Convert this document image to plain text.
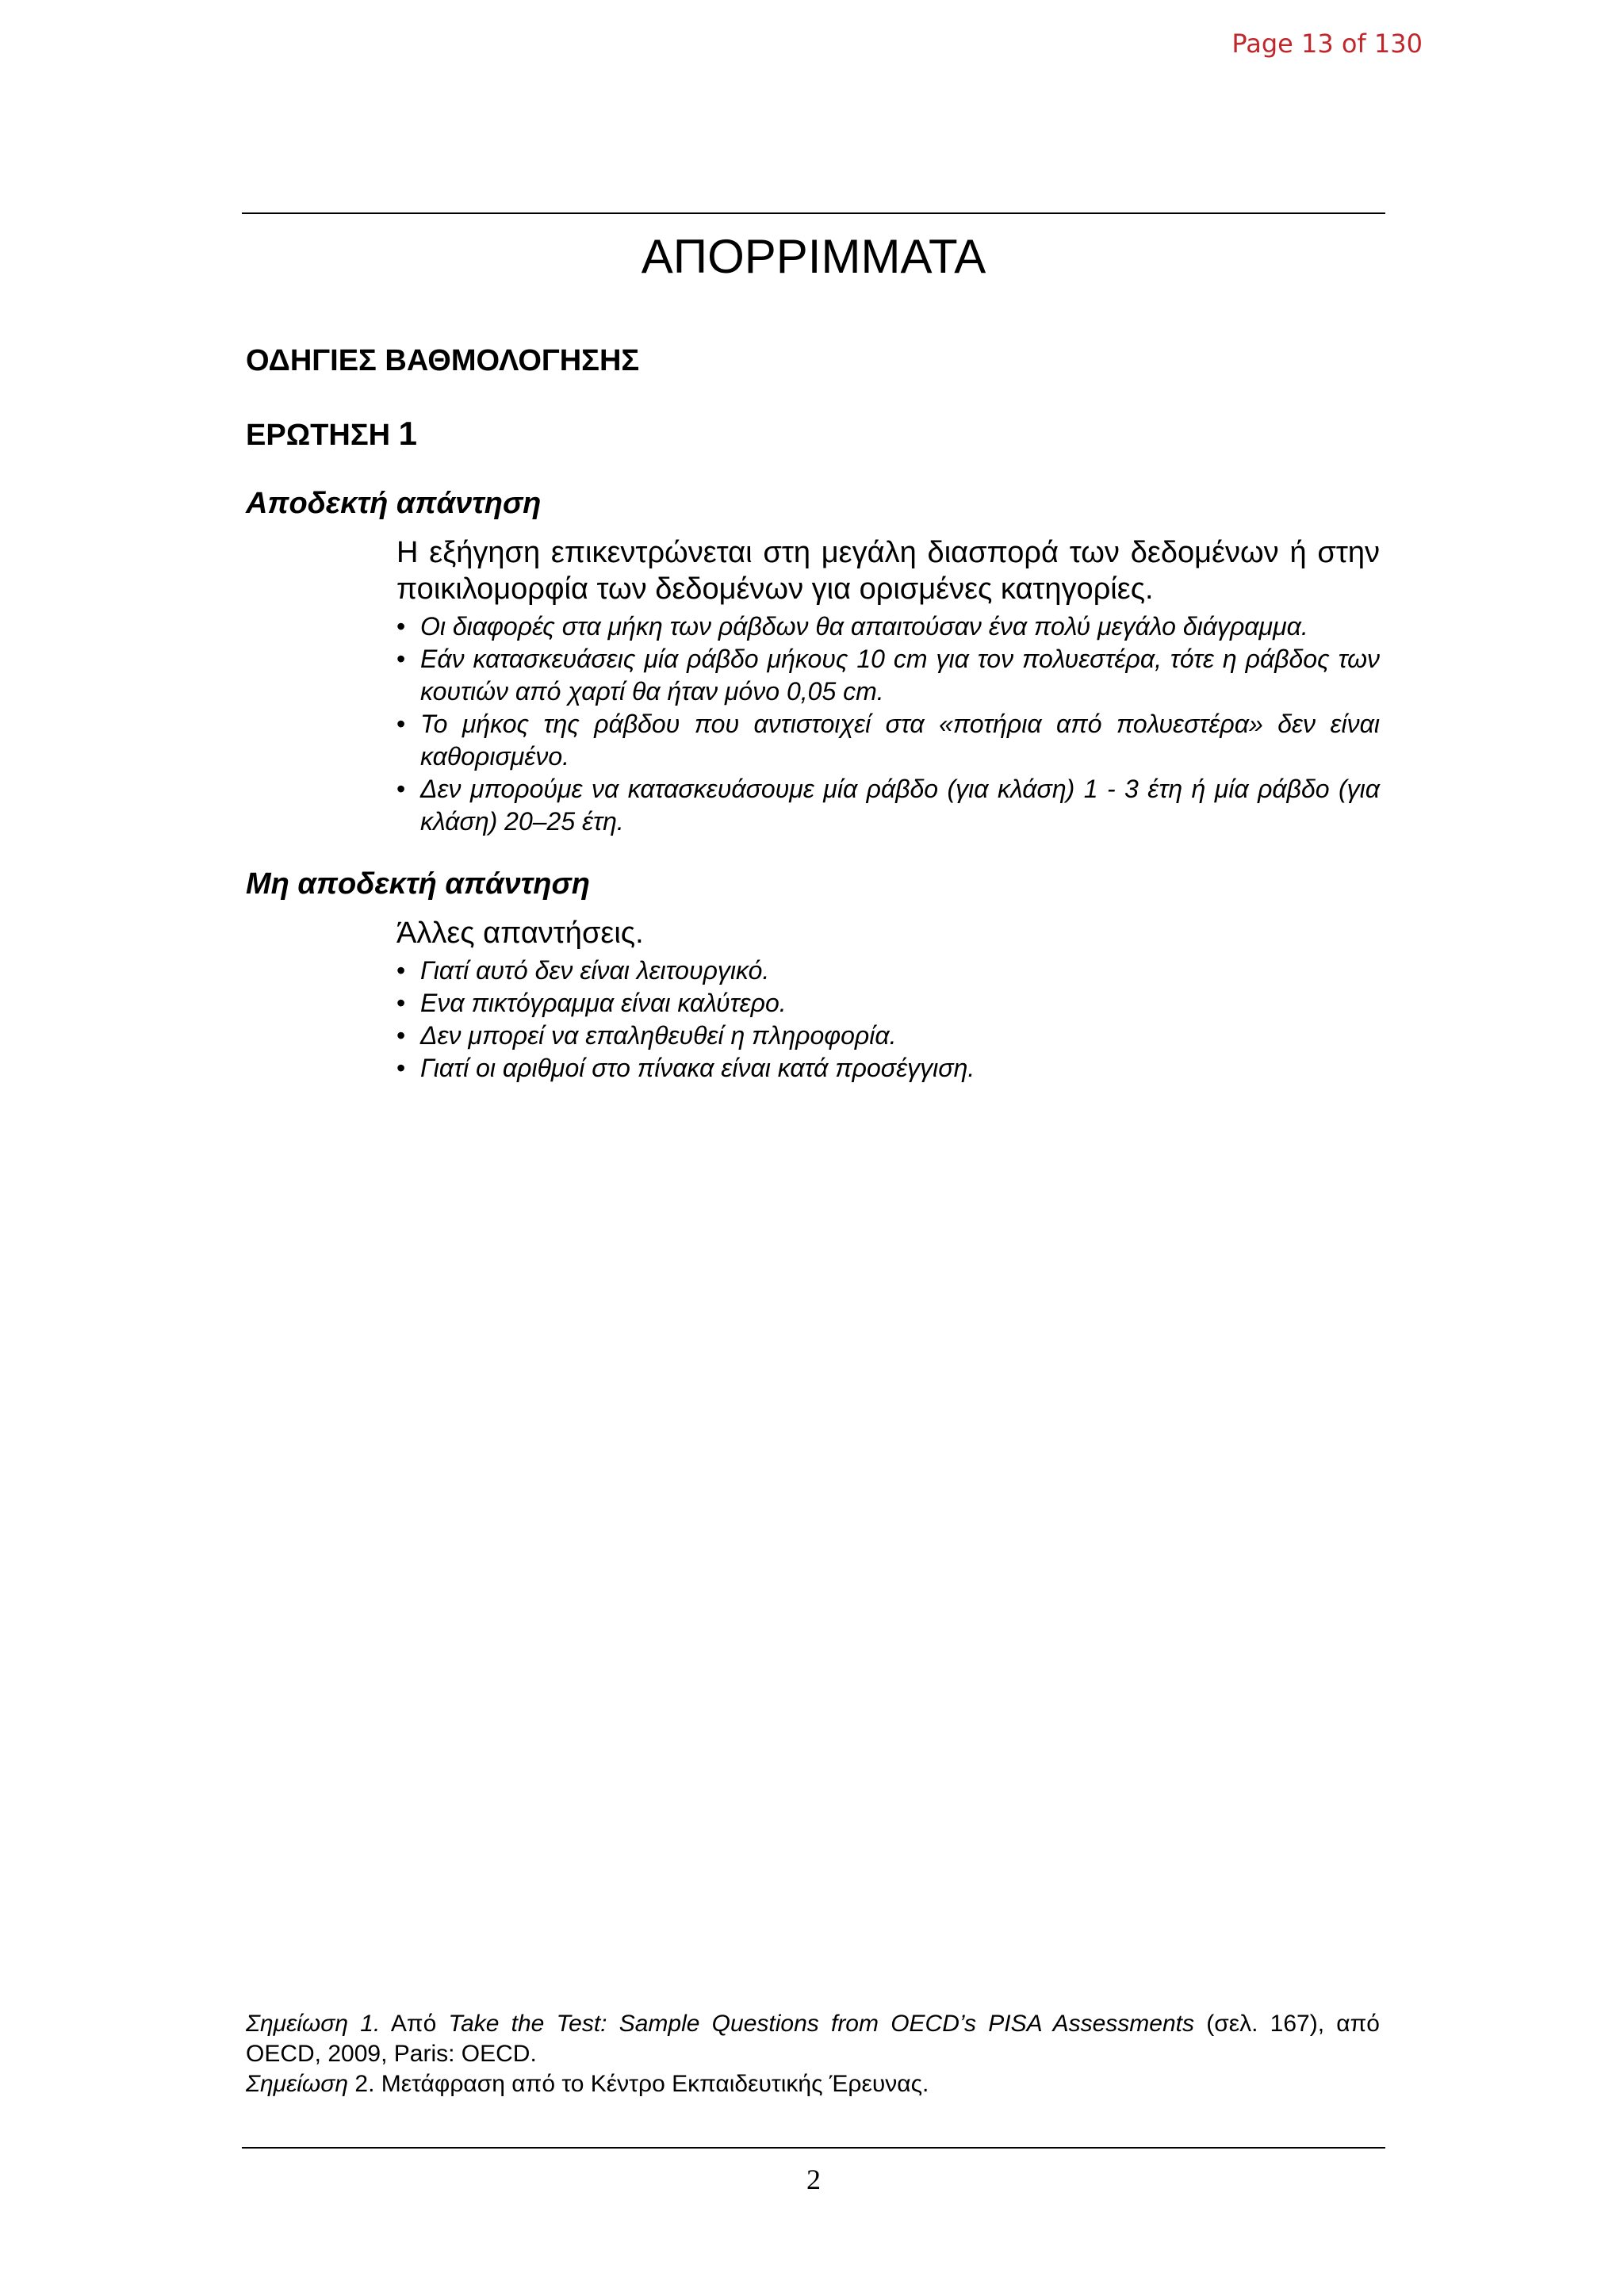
Page 13 of 130
ΑΠΟΡΡΙΜΜΑΤΑ
ΟΔΗΓΙΕΣ ΒΑΘΜΟΛΟΓΗΣΗΣ
ΕΡΩΤΗΣΗ 1
Αποδεκτή απάντηση

Η εξήγηση επικεντρώνεται στη μεγάλη διασπορά των δεδομένων ή στην ποικιλομορφία των δεδομένων για ορισμένες κατηγορίες.

• Οι διαφορές στα μήκη των ράβδων θα απαιτούσαν ένα πολύ μεγάλο διάγραμμα.
• Εάν κατασκευάσεις μία ράβδο μήκους 10 cm για τον πολυεστέρα, τότε η ράβδος των κουτιών από χαρτί θα ήταν μόνο 0,05 cm.
• Το μήκος της ράβδου που αντιστοιχεί στα «ποτήρια από πολυεστέρα» δεν είναι καθορισμένο.
• Δεν μπορούμε να κατασκευάσουμε μία ράβδο (για κλάση) 1 - 3 έτη ή μία ράβδο (για κλάση) 20–25 έτη.
Μη αποδεκτή απάντηση

Άλλες απαντήσεις.

• Γιατί αυτό δεν είναι λειτουργικό.
• Ενα πικτόγραμμα είναι καλύτερο.
• Δεν μπορεί να επαληθευθεί η πληροφορία.
• Γιατί οι αριθμοί στο πίνακα είναι κατά προσέγγιση.

Σημείωση 1. Από Take the Test: Sample Questions from OECD’s PISA Assessments (σελ. 167), από OECD, 2009, Paris: OECD.

Σημείωση 2. Μετάφραση από το Κέντρο Εκπαιδευτικής Έρευνας.

2
